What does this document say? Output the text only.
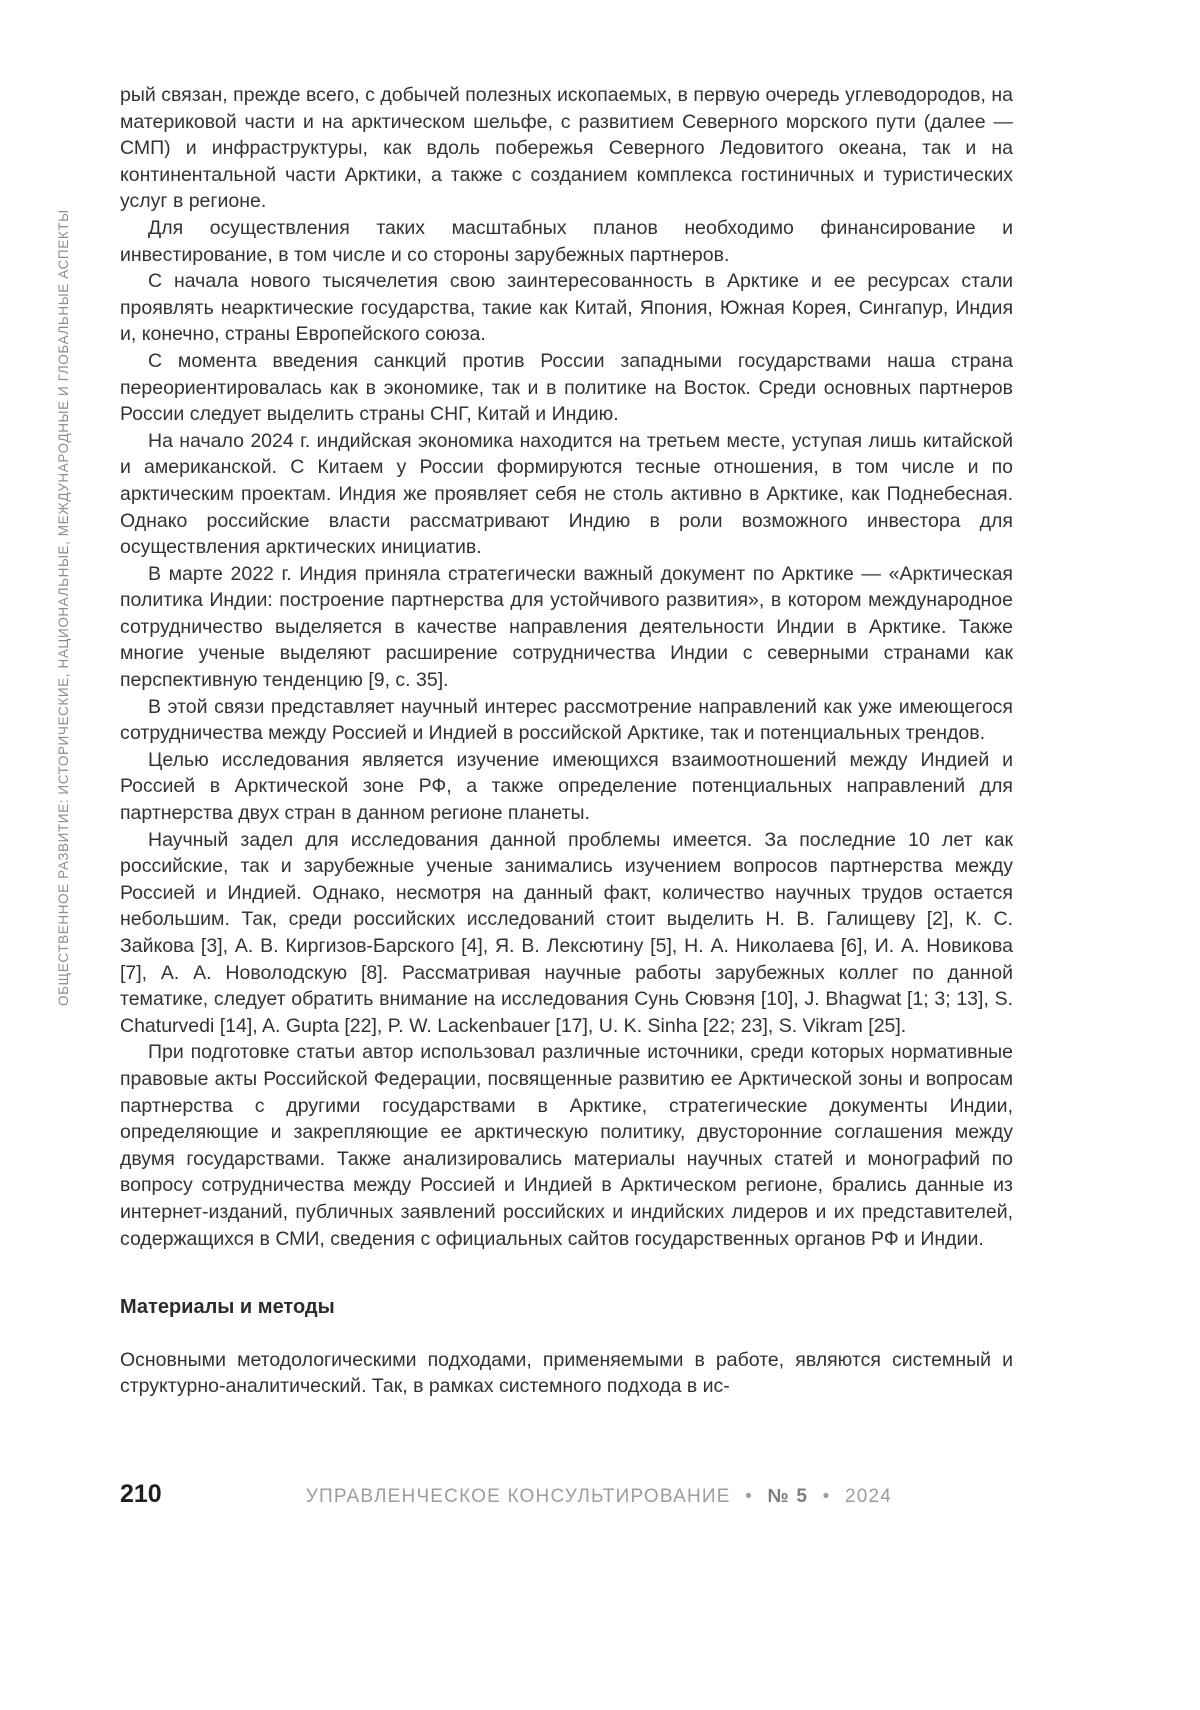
ОБЩЕСТВЕННОЕ РАЗВИТИЕ: ИСТОРИЧЕСКИЕ, НАЦИОНАЛЬНЫЕ, МЕЖДУНАРОДНЫЕ И ГЛОБАЛЬНЫЕ АСПЕКТЫ

рый связан, прежде всего, с добычей полезных ископаемых, в первую очередь углеводородов, на материковой части и на арктическом шельфе, с развитием Северного морского пути (далее — СМП) и инфраструктуры, как вдоль побережья Северного Ледовитого океана, так и на континентальной части Арктики, а также с созданием комплекса гостиничных и туристических услуг в регионе.

Для осуществления таких масштабных планов необходимо финансирование и инвестирование, в том числе и со стороны зарубежных партнеров.

С начала нового тысячелетия свою заинтересованность в Арктике и ее ресурсах стали проявлять неарктические государства, такие как Китай, Япония, Южная Корея, Сингапур, Индия и, конечно, страны Европейского союза.

С момента введения санкций против России западными государствами наша страна переориентировалась как в экономике, так и в политике на Восток. Среди основных партнеров России следует выделить страны СНГ, Китай и Индию.

На начало 2024 г. индийская экономика находится на третьем месте, уступая лишь китайской и американской. С Китаем у России формируются тесные отношения, в том числе и по арктическим проектам. Индия же проявляет себя не столь активно в Арктике, как Поднебесная. Однако российские власти рассматривают Индию в роли возможного инвестора для осуществления арктических инициатив.

В марте 2022 г. Индия приняла стратегически важный документ по Арктике — «Арктическая политика Индии: построение партнерства для устойчивого развития», в котором международное сотрудничество выделяется в качестве направления деятельности Индии в Арктике. Также многие ученые выделяют расширение сотрудничества Индии с северными странами как перспективную тенденцию [9, с. 35].

В этой связи представляет научный интерес рассмотрение направлений как уже имеющегося сотрудничества между Россией и Индией в российской Арктике, так и потенциальных трендов.

Целью исследования является изучение имеющихся взаимоотношений между Индией и Россией в Арктической зоне РФ, а также определение потенциальных направлений для партнерства двух стран в данном регионе планеты.

Научный задел для исследования данной проблемы имеется. За последние 10 лет как российские, так и зарубежные ученые занимались изучением вопросов партнерства между Россией и Индией. Однако, несмотря на данный факт, количество научных трудов остается небольшим. Так, среди российских исследований стоит выделить Н. В. Галищеву [2], К. С. Зайкова [3], А. В. Киргизов-Барского [4], Я. В. Лексютину [5], Н. А. Николаева [6], И. А. Новикова [7], А. А. Новолодскую [8]. Рассматривая научные работы зарубежных коллег по данной тематике, следует обратить внимание на исследования Сунь Сювэня [10], J. Bhagwat [1; 3; 13], S. Chaturvedi [14], A. Gupta [22], P. W. Lackenbauer [17], U. K. Sinha [22; 23], S. Vikram [25].

При подготовке статьи автор использовал различные источники, среди которых нормативные правовые акты Российской Федерации, посвященные развитию ее Арктической зоны и вопросам партнерства с другими государствами в Арктике, стратегические документы Индии, определяющие и закрепляющие ее арктическую политику, двусторонние соглашения между двумя государствами. Также анализировались материалы научных статей и монографий по вопросу сотрудничества между Россией и Индией в Арктическом регионе, брались данные из интернет-изданий, публичных заявлений российских и индийских лидеров и их представителей, содержащихся в СМИ, сведения с официальных сайтов государственных органов РФ и Индии.

Материалы и методы

Основными методологическими подходами, применяемыми в работе, являются системный и структурно-аналитический. Так, в рамках системного подхода в ис-

210	УПРАВЛЕНЧЕСКОЕ КОНСУЛЬТИРОВАНИЕ • № 5 • 2024
